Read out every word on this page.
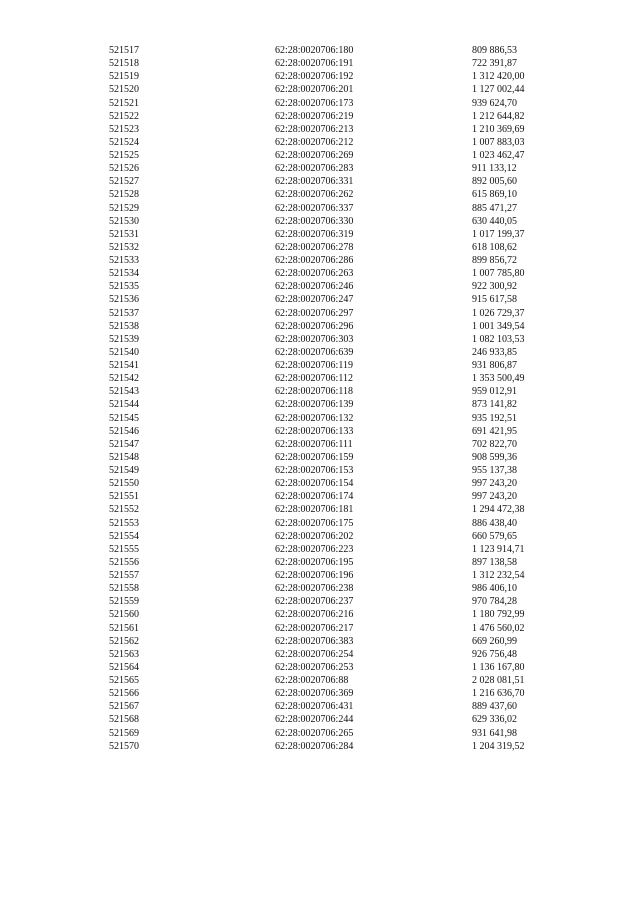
521517	62:28:0020706:180	809 886,53
521518	62:28:0020706:191	722 391,87
521519	62:28:0020706:192	1 312 420,00
521520	62:28:0020706:201	1 127 002,44
521521	62:28:0020706:173	939 624,70
521522	62:28:0020706:219	1 212 644,82
521523	62:28:0020706:213	1 210 369,69
521524	62:28:0020706:212	1 007 883,03
521525	62:28:0020706:269	1 023 462,47
521526	62:28:0020706:283	911 133,12
521527	62:28:0020706:331	892 005,60
521528	62:28:0020706:262	615 869,10
521529	62:28:0020706:337	885 471,27
521530	62:28:0020706:330	630 440,05
521531	62:28:0020706:319	1 017 199,37
521532	62:28:0020706:278	618 108,62
521533	62:28:0020706:286	899 856,72
521534	62:28:0020706:263	1 007 785,80
521535	62:28:0020706:246	922 300,92
521536	62:28:0020706:247	915 617,58
521537	62:28:0020706:297	1 026 729,37
521538	62:28:0020706:296	1 001 349,54
521539	62:28:0020706:303	1 082 103,53
521540	62:28:0020706:639	246 933,85
521541	62:28:0020706:119	931 806,87
521542	62:28:0020706:112	1 353 500,49
521543	62:28:0020706:118	959 012,91
521544	62:28:0020706:139	873 141,82
521545	62:28:0020706:132	935 192,51
521546	62:28:0020706:133	691 421,95
521547	62:28:0020706:111	702 822,70
521548	62:28:0020706:159	908 599,36
521549	62:28:0020706:153	955 137,38
521550	62:28:0020706:154	997 243,20
521551	62:28:0020706:174	997 243,20
521552	62:28:0020706:181	1 294 472,38
521553	62:28:0020706:175	886 438,40
521554	62:28:0020706:202	660 579,65
521555	62:28:0020706:223	1 123 914,71
521556	62:28:0020706:195	897 138,58
521557	62:28:0020706:196	1 312 232,54
521558	62:28:0020706:238	986 406,10
521559	62:28:0020706:237	970 784,28
521560	62:28:0020706:216	1 180 792,99
521561	62:28:0020706:217	1 476 560,02
521562	62:28:0020706:383	669 260,99
521563	62:28:0020706:254	926 756,48
521564	62:28:0020706:253	1 136 167,80
521565	62:28:0020706:88	2 028 081,51
521566	62:28:0020706:369	1 216 636,70
521567	62:28:0020706:431	889 437,60
521568	62:28:0020706:244	629 336,02
521569	62:28:0020706:265	931 641,98
521570	62:28:0020706:284	1 204 319,52
